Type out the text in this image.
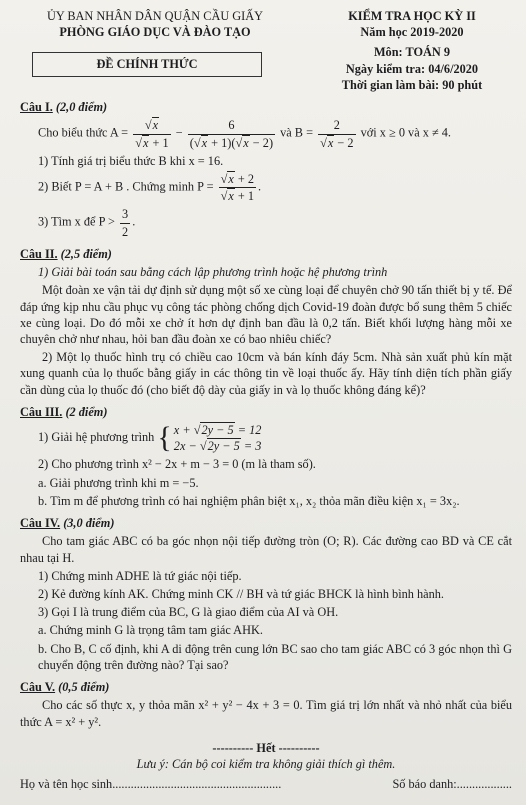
ỦY BAN NHÂN DÂN QUẬN CẦU GIẤY
PHÒNG GIÁO DỤC VÀ ĐÀO TẠO
KIỂM TRA HỌC KỲ II
Năm học 2019-2020
ĐỀ CHÍNH THỨC
Môn: TOÁN 9
Ngày kiểm tra: 04/6/2020
Thời gian làm bài: 90 phút
Câu I. (2,0 điểm)
Cho biểu thức $A = \frac{√x}{√x + 1} - \frac{6}{(√x + 1)(√x - 2)}$ và $B = \frac{2}{√x - 2}$ với x ≥ 0 và x ≠ 4.
1) Tính giá trị biểu thức B khi x = 16.
2) Biết P = A + B . Chứng minh $P = \frac{√x + 2}{√x + 1}$ .
3) Tìm x để $P > \frac{3}{2}$ .
Câu II. (2,5 điểm)
1) Giải bài toán sau bằng cách lập phương trình hoặc hệ phương trình
Một đoàn xe vận tải dự định sử dụng một số xe cùng loại để chuyên chở 90 tấn thiết bị y tế. Để đáp ứng kịp nhu cầu phục vụ công tác phòng chống dịch Covid-19 đoàn được bổ sung thêm 5 chiếc xe cùng loại. Do đó mỗi xe chở ít hơn dự định ban đầu là 0,2 tấn. Biết khối lượng hàng mỗi xe chuyên chở như nhau, hỏi ban đầu đoàn xe có bao nhiêu chiếc?
2) Một lọ thuốc hình trụ có chiều cao 10cm và bán kính đáy 5cm. Nhà sản xuất phủ kín mặt xung quanh của lọ thuốc bằng giấy in các thông tin về loại thuốc ấy. Hãy tính diện tích phần giấy cần dùng của lọ thuốc đó (cho biết độ dày của giấy in và lọ thuốc không đáng kể)?
Câu III. (2 điểm)
1) Giải hệ phương trình { x + √2y − 5 = 12
2x − √2y − 5 = 3
2) Cho phương trình x² − 2x + m − 3 = 0 (m là tham số).
a. Giải phương trình khi m = −5.
b. Tìm m để phương trình có hai nghiệm phân biệt x₁, x₂ thỏa mãn điều kiện x₁ = 3x₂.
Câu IV. (3,0 điểm)
Cho tam giác ABC có ba góc nhọn nội tiếp đường tròn (O; R). Các đường cao BD và CE cắt nhau tại H.
1) Chứng minh ADHE là tứ giác nội tiếp.
2) Kẻ đường kính AK. Chứng minh CK // BH và tứ giác BHCK là hình bình hành.
3) Gọi I là trung điểm của BC, G là giao điểm của AI và OH.
a. Chứng minh G là trọng tâm tam giác AHK.
b. Cho B, C cố định, khi A di động trên cung lớn BC sao cho tam giác ABC có 3 góc nhọn thì G chuyển động trên đường nào? Tại sao?
Câu V. (0,5 điểm)
Cho các số thực x, y thỏa mãn x² + y² − 4x + 3 = 0. Tìm giá trị lớn nhất và nhỏ nhất của biểu thức A = x² + y².
---------- Hết ----------
Lưu ý: Cán bộ coi kiểm tra không giải thích gì thêm.
Họ và tên học sinh.......................................................	Số báo danh:..................
